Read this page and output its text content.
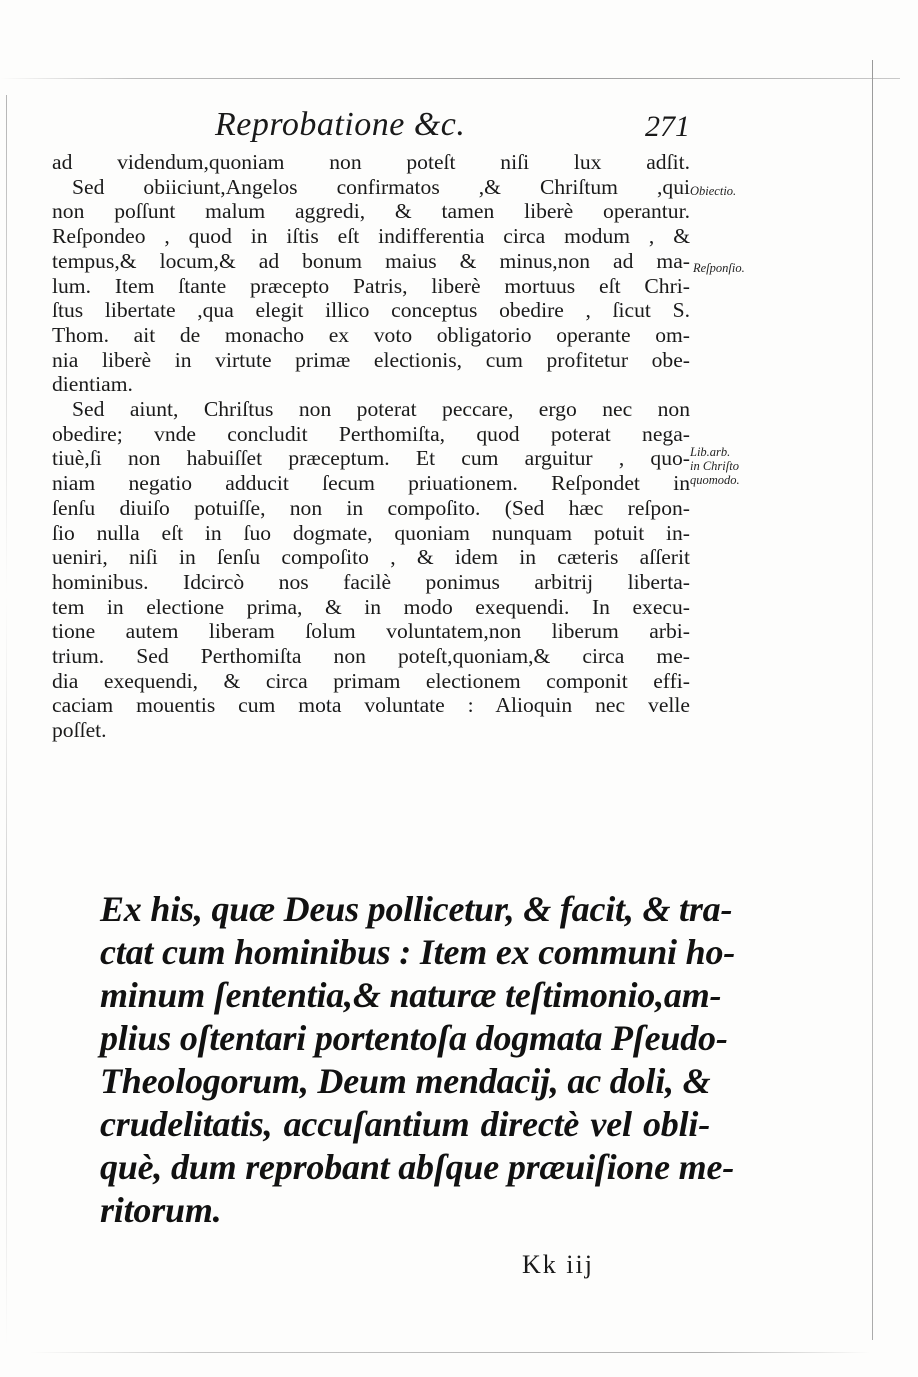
Reprobatione &c.	271
ad videndum,quoniam non poteſt niſi lux adſit.
Sed obiiciunt,Angelos confirmatos ,& Chriſtum ,qui
non poſſunt malum aggredi, & tamen liberè operantur.
Reſpondeo , quod in iſtis eſt indifferentia circa modum , &
tempus,& locum,& ad bonum maius & minus,non ad ma-
lum. Item ſtante præcepto Patris, liberè mortuus eſt Chri-
ſtus libertate ,qua elegit illico conceptus obedire , ſicut S.
Thom. ait de monacho ex voto obligatorio operante om-
nia liberè in virtute primæ electionis, cum profitetur obe-
dientiam.
Sed aiunt, Chriſtus non poterat peccare, ergo nec non
obedire; vnde concludit Perthomiſta, quod poterat nega-
tiuè,ſi non habuiſſet præceptum. Et cum arguitur , quo-
niam negatio adducit ſecum priuationem. Reſpondet in
ſenſu diuiſo potuiſſe, non in compoſito. (Sed hæc reſpon-
ſio nulla eſt in ſuo dogmate, quoniam nunquam potuit in-
ueniri, niſi in ſenſu compoſito , & idem in cæteris aſſerit
hominibus. Idcircò nos facilè ponimus arbitrij liberta-
tem in electione prima, & in modo exequendi. In execu-
tione autem liberam ſolum voluntatem,non liberum arbi-
trium. Sed Perthomiſta non poteſt,quoniam,& circa me-
dia exequendi, & circa primam electionem componit effi-
caciam mouentis cum mota voluntate : Alioquin nec velle
poſſet.
Obiectio.
Reſponſio.
Lib.arb.
in Chriſto
quomodo.
Ex his, quæ Deus pollicetur, & facit, & tra-
ctat cum hominibus : Item ex communi ho-
minum ſententia,& naturæ teſtimonio,am-
plius oſtentari portentoſa dogmata Pſeudo-
Theologorum, Deum mendacij, ac doli, &
crudelitatis, accuſantium directè vel obli-
què, dum reprobant abſque præuiſione me-
ritorum.
Kk iij
